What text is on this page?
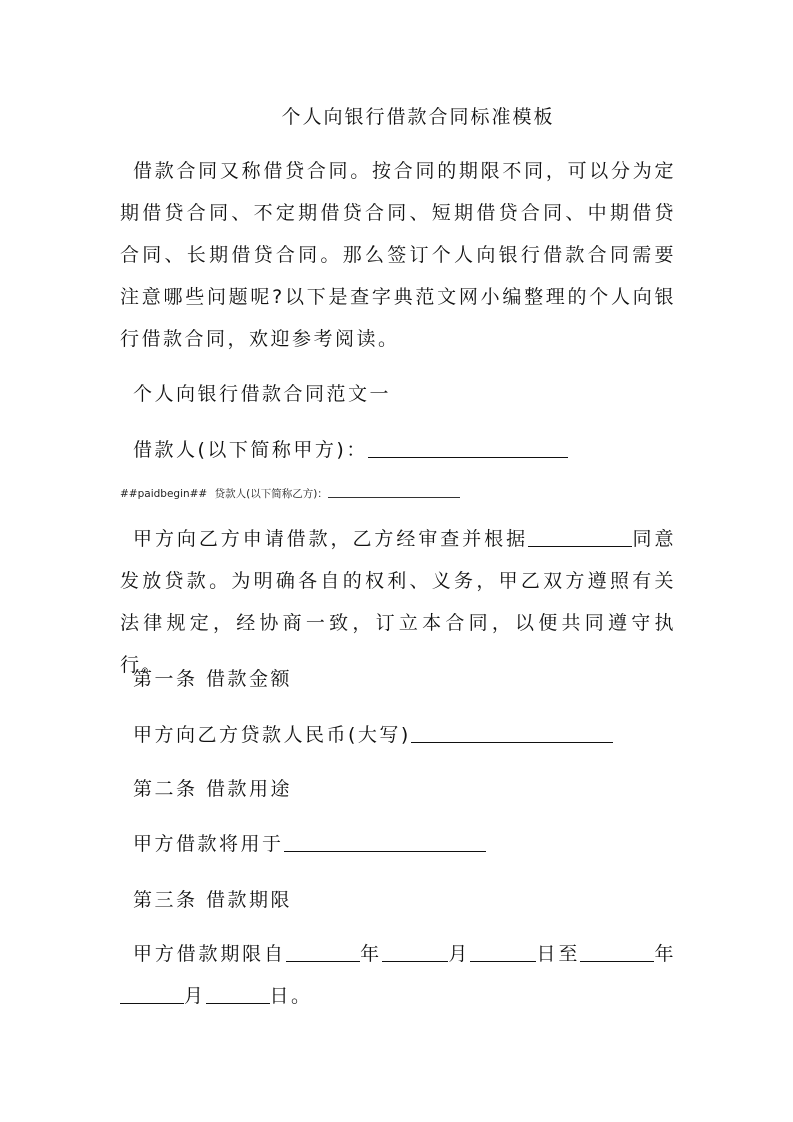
个人向银行借款合同标准模板
借款合同又称借贷合同。按合同的期限不同，可以分为定期借贷合同、不定期借贷合同、短期借贷合同、中期借贷合同、长期借贷合同。那么签订个人向银行借款合同需要注意哪些问题呢?以下是查字典范文网小编整理的个人向银行借款合同，欢迎参考阅读。
个人向银行借款合同范文一
借款人(以下简称甲方)：
##paidbegin## 贷款人(以下简称乙方)：
甲方向乙方申请借款，乙方经审查并根据	同意发放贷款。为明确各自的权利、义务，甲乙双方遵照有关法律规定，经协商一致，订立本合同，以便共同遵守执行。
第一条 借款金额
甲方向乙方贷款人民币(大写)
第二条 借款用途
甲方借款将用于
第三条 借款期限
甲方借款期限自	年	月	日至	年月	日。
